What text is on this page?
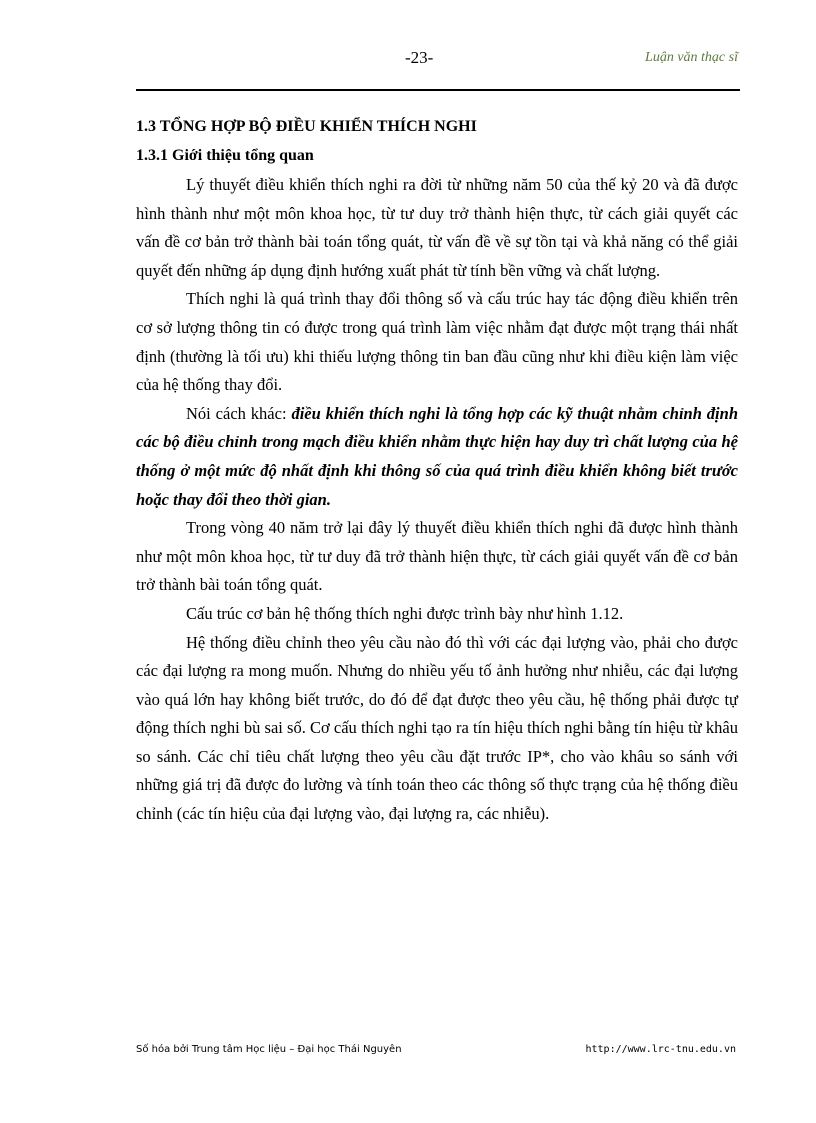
-23-	Luận văn thạc sĩ
1.3 TỔNG HỢP BỘ ĐIỀU KHIỂN THÍCH NGHI
1.3.1 Giới thiệu tổng quan

Lý thuyết điều khiển thích nghi ra đời từ những năm 50 của thế kỷ 20 và đã được hình thành như một môn khoa học, từ tư duy trở thành hiện thực, từ cách giải quyết các vấn đề cơ bản trở thành bài toán tổng quát, từ vấn đề về sự tồn tại và khả năng có thể giải quyết đến những áp dụng định hướng xuất phát từ tính bền vững và chất lượng.

Thích nghi là quá trình thay đổi thông số và cấu trúc hay tác động điều khiển trên cơ sở lượng thông tin có được trong quá trình làm việc nhằm đạt được một trạng thái nhất định (thường là tối ưu) khi thiếu lượng thông tin ban đầu cũng như khi điều kiện làm việc của hệ thống thay đổi.

Nói cách khác: điều khiển thích nghi là tổng hợp các kỹ thuật nhằm chỉnh định các bộ điều chỉnh trong mạch điều khiển nhằm thực hiện hay duy trì chất lượng của hệ thống ở một mức độ nhất định khi thông số của quá trình điều khiển không biết trước hoặc thay đổi theo thời gian.

Trong vòng 40 năm trở lại đây lý thuyết điều khiển thích nghi đã được hình thành như một môn khoa học, từ tư duy đã trở thành hiện thực, từ cách giải quyết vấn đề cơ bản trở thành bài toán tổng quát.

Cấu trúc cơ bản hệ thống thích nghi được trình bày như hình 1.12.

Hệ thống điều chỉnh theo yêu cầu nào đó thì với các đại lượng vào, phải cho được các đại lượng ra mong muốn. Nhưng do nhiều yếu tố ảnh hưởng như nhiễu, các đại lượng vào quá lớn hay không biết trước, do đó để đạt được theo yêu cầu, hệ thống phải được tự động thích nghi bù sai số. Cơ cấu thích nghi tạo ra tín hiệu thích nghi bằng tín hiệu từ khâu so sánh. Các chỉ tiêu chất lượng theo yêu cầu đặt trước IP*, cho vào khâu so sánh với những giá trị đã được đo lường và tính toán theo các thông số thực trạng của hệ thống điều chỉnh (các tín hiệu của đại lượng vào, đại lượng ra, các nhiễu).

Số hóa bởi Trung tâm Học liệu – Đại học Thái Nguyên	http://www.lrc-tnu.edu.vn
